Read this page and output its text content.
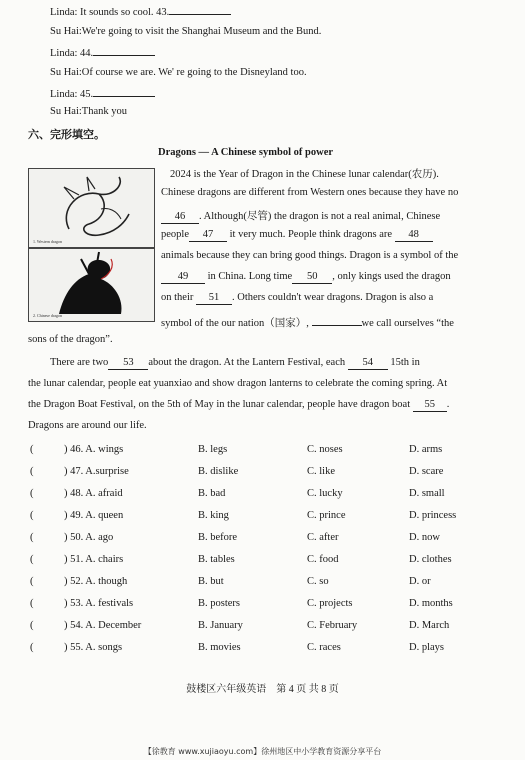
Linda: It sounds so cool. 43.
Su Hai:We're going to visit the Shanghai Museum and the Bund.
Linda: 44.
Su Hai:Of course we are. We' re going to the Disneyland too.
Linda: 45.
Su Hai:Thank you
六、完形填空。
Dragons — A Chinese symbol of power
1. Western dragon
2. Chinese dragon
2024 is the Year of Dragon in the Chinese lunar calendar(农历).
Chinese dragons are different from Western ones because they have no
46 . Although(尽管) the dragon is not a real animal, Chinese
people 47 it very much. People think dragons are 48
animals because they can bring good things. Dragon is a symbol of the
49 in China. Long time 50 , only kings used the dragon
on their 51 . Others couldn't wear dragons. Dragon is also a
symbol of the our nation（国家）,	we call ourselves “the
sons of the dragon”.
There are two 53 about the dragon. At the Lantern Festival, each 54 15th in
the lunar calendar, people eat yuanxiao and show dragon lanterns to celebrate the coming spring. At
the Dragon Boat Festival, on the 5th of May in the lunar calendar, people have dragon boat 55 .
Dragons are around our life.
(	) 46. A. wings	B. legs	C. noses	D. arms
(	) 47. A.surprise	B. dislike	C. like	D. scare
(	) 48. A. afraid	B. bad	C. lucky	D. small
(	) 49. A. queen	B. king	C. prince	D. princess
(	) 50. A. ago	B. before	C. after	D. now
(	) 51. A. chairs	B. tables	C. food	D. clothes
(	) 52. A. though	B. but	C. so	D. or
(	) 53. A. festivals	B. posters	C. projects	D. months
(	) 54. A. December	B. January	C. February	D. March
(	) 55. A. songs	B. movies	C. races	D. plays
鼓楼区六年级英语　第 4 页 共 8 页
【徐教育 www.xujiaoyu.com】徐州地区中小学教育资源分享平台
